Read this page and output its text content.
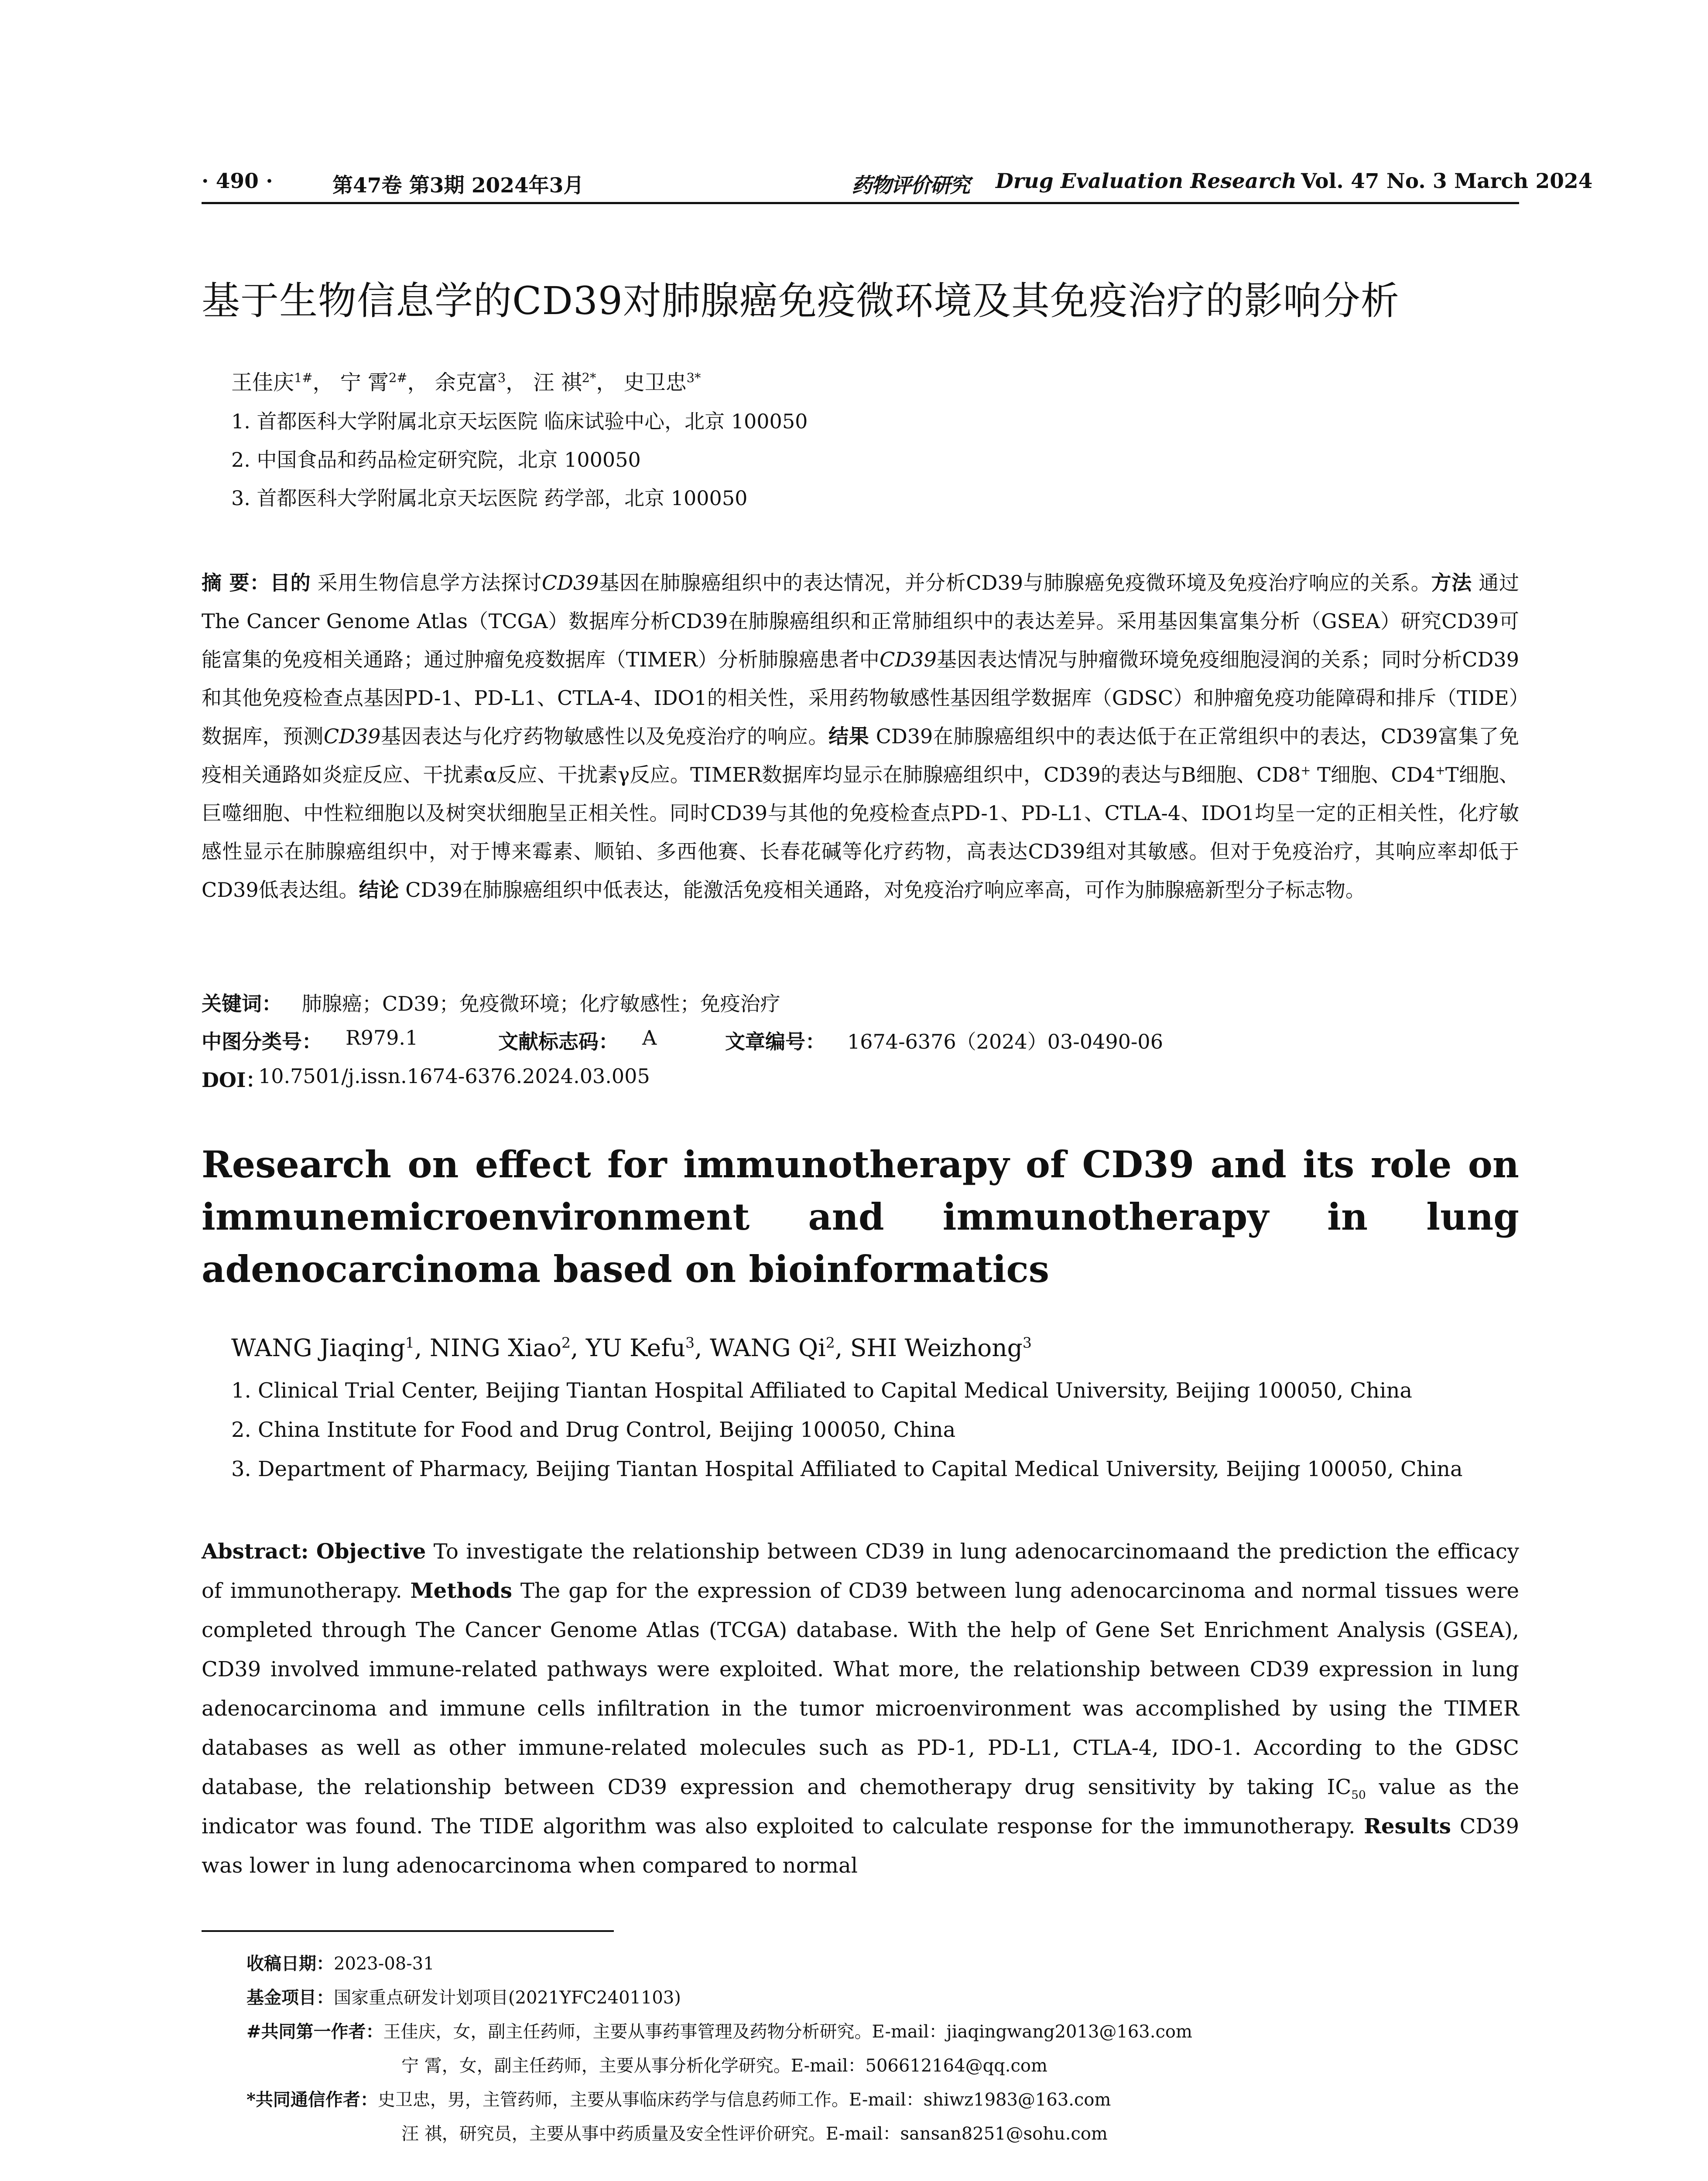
· 490 ·	第47卷 第3期 2024年3月	药物评价研究 Drug Evaluation Research Vol. 47 No. 3 March 2024
基于生物信息学的CD39对肺腺癌免疫微环境及其免疫治疗的影响分析
王佳庆$^{1\#}$， 宁 霄$^{2\#}$， 余克富$^3$， 汪 祺$^{2*}$， 史卫忠$^{3*}$
1. 首都医科大学附属北京天坛医院 临床试验中心，北京 100050
2. 中国食品和药品检定研究院，北京 100050
3. 首都医科大学附属北京天坛医院 药学部，北京 100050
摘 要：目的 采用生物信息学方法探讨CD39基因在肺腺癌组织中的表达情况，并分析CD39与肺腺癌免疫微环境及免疫治疗响应的关系。方法 通过The Cancer Genome Atlas（TCGA）数据库分析CD39在肺腺癌组织和正常肺组织中的表达差异。采用基因集富集分析（GSEA）研究CD39可能富集的免疫相关通路；通过肿瘤免疫数据库（TIMER）分析肺腺癌患者中CD39基因表达情况与肿瘤微环境免疫细胞浸润的关系；同时分析CD39和其他免疫检查点基因PD-1、PD-L1、CTLA-4、IDO1的相关性，采用药物敏感性基因组学数据库（GDSC）和肿瘤免疫功能障碍和排斥（TIDE）数据库，预测CD39基因表达与化疗药物敏感性以及免疫治疗的响应。结果 CD39在肺腺癌组织中的表达低于在正常组织中的表达，CD39富集了免疫相关通路如炎症反应、干扰素α反应、干扰素γ反应。TIMER数据库均显示在肺腺癌组织中，CD39的表达与B细胞、CD8+ T细胞、CD4+T细胞、巨噬细胞、中性粒细胞以及树突状细胞呈正相关性。同时CD39与其他的免疫检查点PD-1、PD-L1、CTLA-4、IDO1均呈一定的正相关性，化疗敏感性显示在肺腺癌组织中，对于博来霉素、顺铂、多西他赛、长春花碱等化疗药物，高表达CD39组对其敏感。但对于免疫治疗，其响应率却低于CD39低表达组。结论 CD39在肺腺癌组织中低表达，能激活免疫相关通路，对免疫治疗响应率高，可作为肺腺癌新型分子标志物。
关键词： 肺腺癌；CD39；免疫微环境；化疗敏感性；免疫治疗
中图分类号： R979.1	文献标志码： A	文章编号： 1674-6376（2024）03-0490-06
DOI：
10.7501/j.issn.1674-6376.2024.03.005
Research on effect for immunotherapy of CD39 and its role on
immunemicroenvironment and immunotherapy in lung adenocarcinoma based on bioinformatics
WANG Jiaqing$^1$, NING Xiao$^2$, YU Kefu$^3$, WANG Qi$^2$, SHI Weizhong$^3$
1. Clinical Trial Center, Beijing Tiantan Hospital Affiliated to Capital Medical University, Beijing 100050, China
2. China Institute for Food and Drug Control, Beijing 100050, China
3. Department of Pharmacy, Beijing Tiantan Hospital Affiliated to Capital Medical University, Beijing 100050, China
Abstract: Objective To investigate the relationship between CD39 in lung adenocarcinomaand the prediction the efficacy of immunotherapy. Methods The gap for the expression of CD39 between lung adenocarcinoma and normal tissues were completed through The Cancer Genome Atlas (TCGA) database. With the help of Gene Set Enrichment Analysis (GSEA), CD39 involved immune-related pathways were exploited. What more, the relationship between CD39 expression in lung adenocarcinoma and immune cells infiltration in the tumor microenvironment was accomplished by using the TIMER databases as well as other immune-related molecules such as PD-1, PD-L1, CTLA-4, IDO-1. According to the GDSC database, the relationship between CD39 expression and chemotherapy drug sensitivity by taking $IC_{50}$ value as the indicator was found. The TIDE algorithm was also exploited to calculate response for the immunotherapy. Results CD39 was lower in lung adenocarcinoma when compared to normal
收稿日期：2023-08-31
基金项目：国家重点研发计划项目(2021YFC2401103)
#共同第一作者：王佳庆，女，副主任药师，主要从事药事管理及药物分析研究。E-mail：jiaqingwang2013@163.com
宁 霄，女，副主任药师，主要从事分析化学研究。E-mail：506612164@qq.com
*共同通信作者：史卫忠，男，主管药师，主要从事临床药学与信息药师工作。E-mail：shiwz1983@163.com
汪 祺，研究员，主要从事中药质量及安全性评价研究。E-mail：sansan8251@sohu.com
